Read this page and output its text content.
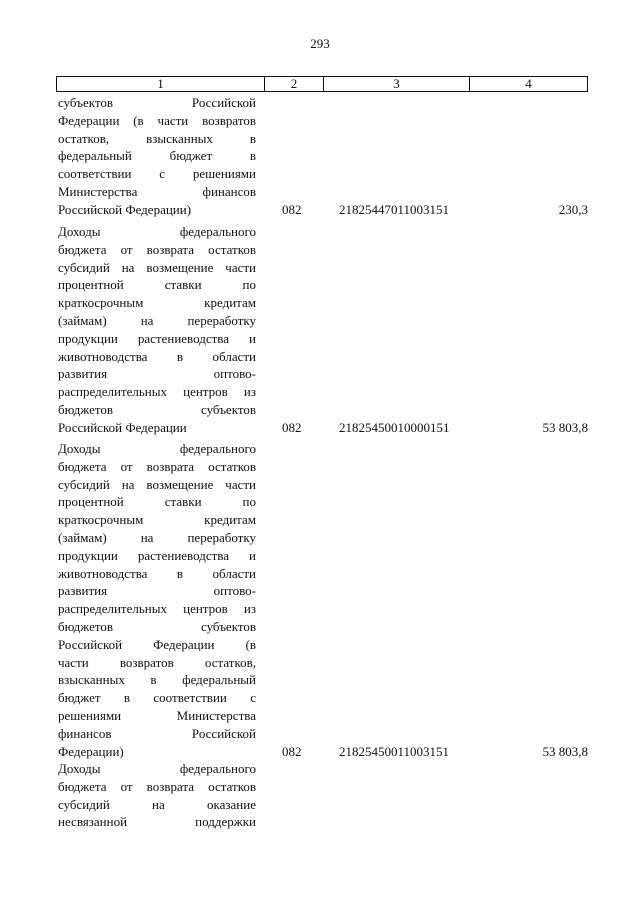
293
1	2	3	4
субъектов Российской
Федерации (в части возвратов
остатков, взысканных в
федеральный бюджет в
соответствии с решениями
Министерства финансов
Российской Федерации)	082	21825447011003151	230,3
Доходы федерального
бюджета от возврата остатков
субсидий на возмещение части
процентной ставки по
краткосрочным кредитам
(займам) на переработку
продукции растениеводства и
животноводства в области
развития оптово-
распределительных центров из
бюджетов субъектов
Российской Федерации	082	21825450010000151	53 803,8
Доходы федерального
бюджета от возврата остатков
субсидий на возмещение части
процентной ставки по
краткосрочным кредитам
(займам) на переработку
продукции растениеводства и
животноводства в области
развития оптово-
распределительных центров из
бюджетов субъектов
Российской Федерации (в
части возвратов остатков,
взысканных в федеральный
бюджет в соответствии с
решениями Министерства
финансов Российской
Федерации)	082	21825450011003151	53 803,8
Доходы федерального
бюджета от возврата остатков
субсидий на оказание
несвязанной поддержки
